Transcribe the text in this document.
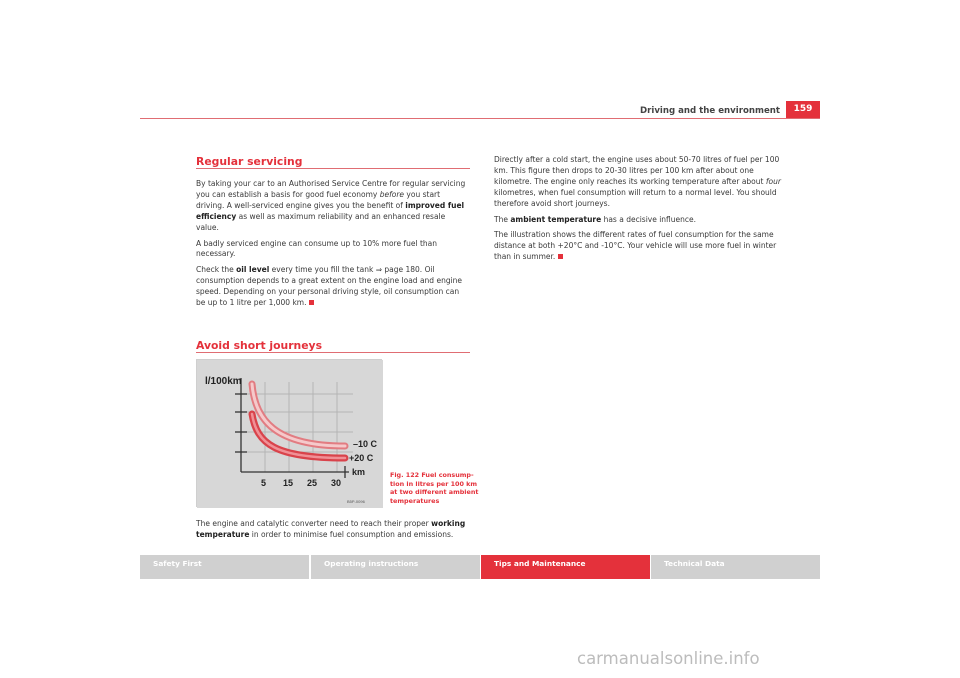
Driving and the environment	159
Regular servicing

By taking your car to an Authorised Service Centre for regular servicing you can establish a basis for good fuel economy before you start driving. A well-serviced engine gives you the benefit of improved fuel efficiency as well as maximum reliability and an enhanced resale value.

A badly serviced engine can consume up to 10% more fuel than necessary.

Check the oil level every time you fill the tank ⇒ page 180. Oil consumption depends to a great extent on the engine load and engine speed. Depending on your personal driving style, oil consumption can be up to 1 litre per 1,000 km.

Avoid short journeys
l/100km
–10 C
+20 C
km
5 15 25 30
B5P-0096
Fig. 122 Fuel consump-tion in litres per 100 km at two different ambient temperatures

The engine and catalytic converter need to reach their proper working temperature in order to minimise fuel consumption and emissions.

Directly after a cold start, the engine uses about 50-70 litres of fuel per 100 km. This figure then drops to 20-30 litres per 100 km after about one kilometre. The engine only reaches its working temperature after about four kilometres, when fuel consumption will return to a normal level. You should therefore avoid short journeys.

The ambient temperature has a decisive influence.

The illustration shows the different rates of fuel consumption for the same distance at both +20°C and -10°C. Your vehicle will use more fuel in winter than in summer.

Safety First	Operating instructions	Tips and Maintenance	Technical Data
carmanualsonline.info
